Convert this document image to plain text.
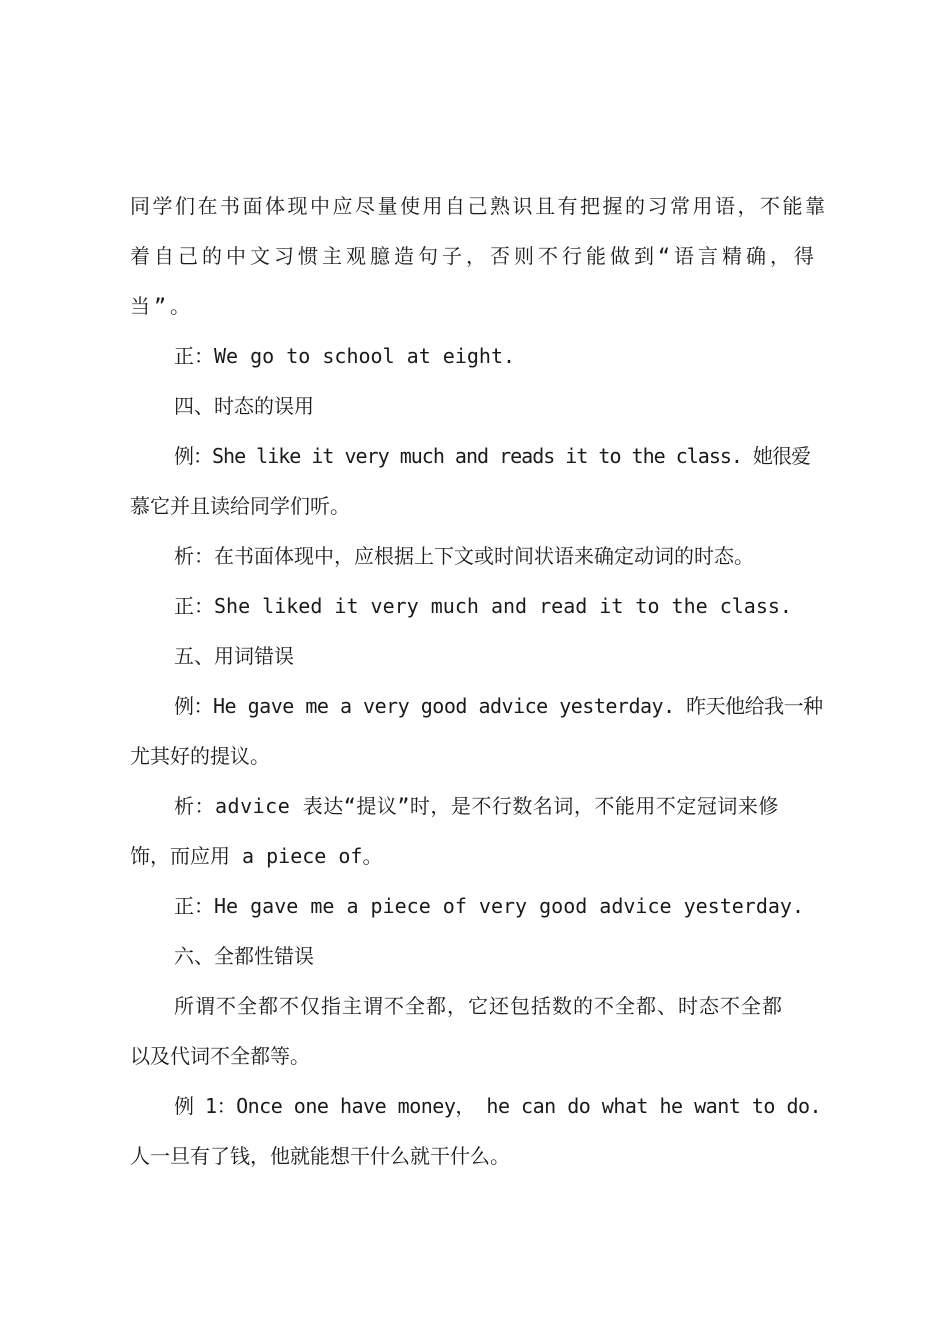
同学们在书面体现中应尽量使用自己熟识且有把握的习常用语，不能靠

着自己的中文习惯主观臆造句子，否则不行能做到“语言精确，得

当”。

正：We go to school at eight.

四、时态的误用

例：She like it very much and reads it to the class. 她很爱

慕它并且读给同学们听。

析：在书面体现中，应根据上下文或时间状语来确定动词的时态。

正：She liked it very much and read it to the class.

五、用词错误

例：He gave me a very good advice yesterday. 昨天他给我一种

尤其好的提议。

析：advice 表达“提议”时，是不行数名词，不能用不定冠词来修

饰，而应用 a piece of。

正：He gave me a piece of very good advice yesterday.

六、全都性错误

所谓不全都不仅指主谓不全都，它还包括数的不全都、时态不全都

以及代词不全都等。

例 1：Once one have money， he can do what he want to do.

人一旦有了钱，他就能想干什么就干什么。
